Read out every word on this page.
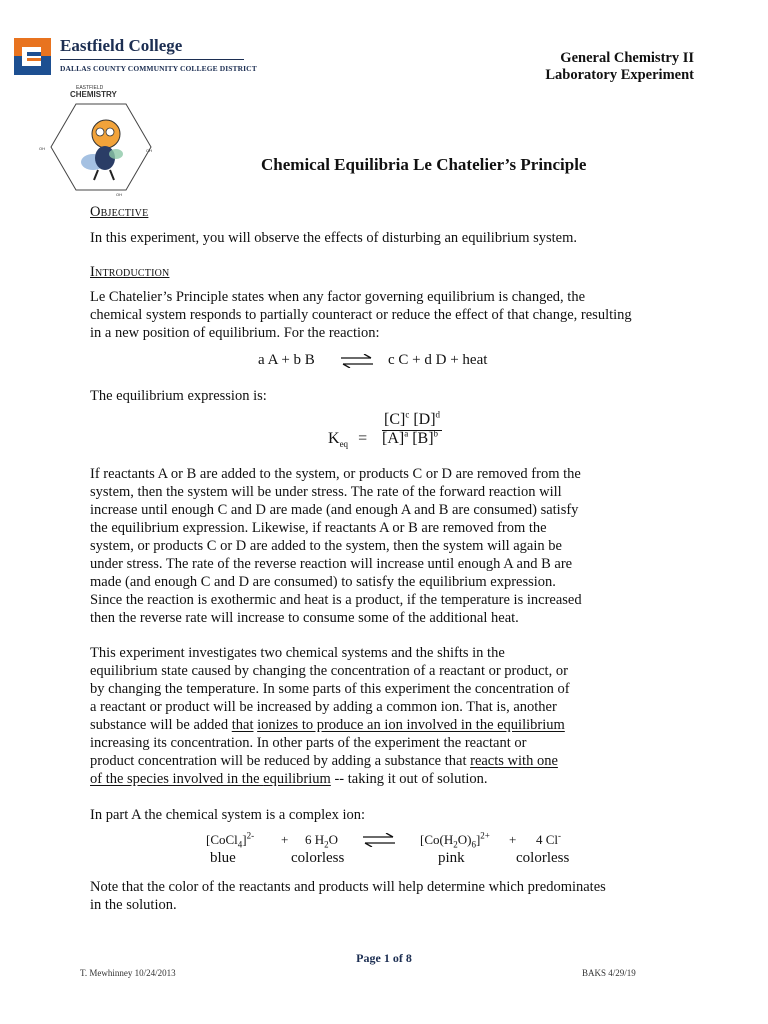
Eastfield College
DALLAS COUNTY COMMUNITY COLLEGE DISTRICT
General Chemistry II
Laboratory Experiment
EASTFIELD
CHEMISTRY
OH	OH
OH
Chemical Equilibria Le Chatelier’s Principle
Objective
In this experiment, you will observe the effects of disturbing an equilibrium system.
Introduction
Le Chatelier’s Principle states when any factor governing equilibrium is changed, the
chemical system responds to partially counteract or reduce the effect of that change, resulting
in a new position of equilibrium. For the reaction:
a A + b B ⇌ c C + d D + heat
The equilibrium expression is:
$K_{eq}$ =
$[C]^c$ $[D]^d$
$[A]^a$ $[B]^b$
If reactants A or B are added to the system, or products C or D are removed from the
system, then the system will be under stress. The rate of the forward reaction will
increase until enough C and D are made (and enough A and B are consumed) satisfy
the equilibrium expression. Likewise, if reactants A or B are removed from the
system, or products C or D are added to the system, then the system will again be
under stress. The rate of the reverse reaction will increase until enough A and B are
made (and enough C and D are consumed) to satisfy the equilibrium expression.
Since the reaction is exothermic and heat is a product, if the temperature is increased
then the reverse rate will increase to consume some of the additional heat.
This experiment investigates two chemical systems and the shifts in the
equilibrium state caused by changing the concentration of a reactant or product, or
by changing the temperature. In some parts of this experiment the concentration of
a reactant or product will be increased by adding a common ion. That is, another
substance will be added that ionizes to produce an ion involved in the equilibrium
increasing its concentration. In other parts of the experiment the reactant or
product concentration will be reduced by adding a substance that reacts with one
of the species involved in the equilibrium -- taking it out of solution.
In part A the chemical system is a complex ion:
[CoCl$_4$]$^{2-}$ + 6 $H_2O$ ⇌ $[Co(H_2O)_6]^{2+} + 4$ Cl-
blue	colorless	pink	colorless
Note that the color of the reactants and products will help determine which predominates
in the solution.
Page 1 of 8
T. Mewhinney 10/24/2013	BAKS 4/29/19
